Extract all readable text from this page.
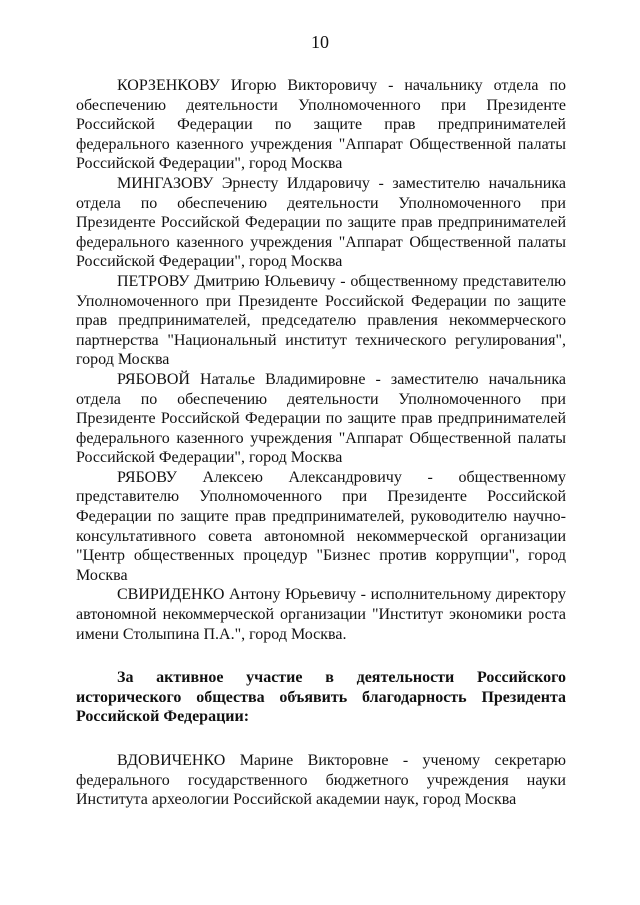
10

КОРЗЕНКОВУ Игорю Викторовичу - начальнику отдела по обеспечению деятельности Уполномоченного при Президенте Российской Федерации по защите прав предпринимателей федерального казенного учреждения "Аппарат Общественной палаты Российской Федерации", город Москва

МИНГАЗОВУ Эрнесту Илдаровичу - заместителю начальника отдела по обеспечению деятельности Уполномоченного при Президенте Российской Федерации по защите прав предпринимателей федерального казенного учреждения "Аппарат Общественной палаты Российской Федерации", город Москва

ПЕТРОВУ Дмитрию Юльевичу - общественному представителю Уполномоченного при Президенте Российской Федерации по защите прав предпринимателей, председателю правления некоммерческого партнерства "Национальный институт технического регулирования", город Москва

РЯБОВОЙ Наталье Владимировне - заместителю начальника отдела по обеспечению деятельности Уполномоченного при Президенте Российской Федерации по защите прав предпринимателей федерального казенного учреждения "Аппарат Общественной палаты Российской Федерации", город Москва

РЯБОВУ Алексею Александровичу - общественному представителю Уполномоченного при Президенте Российской Федерации по защите прав предпринимателей, руководителю научно-консультативного совета автономной некоммерческой организации "Центр общественных процедур "Бизнес против коррупции", город Москва

СВИРИДЕНКО Антону Юрьевичу - исполнительному директору автономной некоммерческой организации "Институт экономики роста имени Столыпина П.А.", город Москва.

За активное участие в деятельности Российского исторического общества объявить благодарность Президента Российской Федерации:

ВДОВИЧЕНКО Марине Викторовне - ученому секретарю федерального государственного бюджетного учреждения науки Института археологии Российской академии наук, город Москва
